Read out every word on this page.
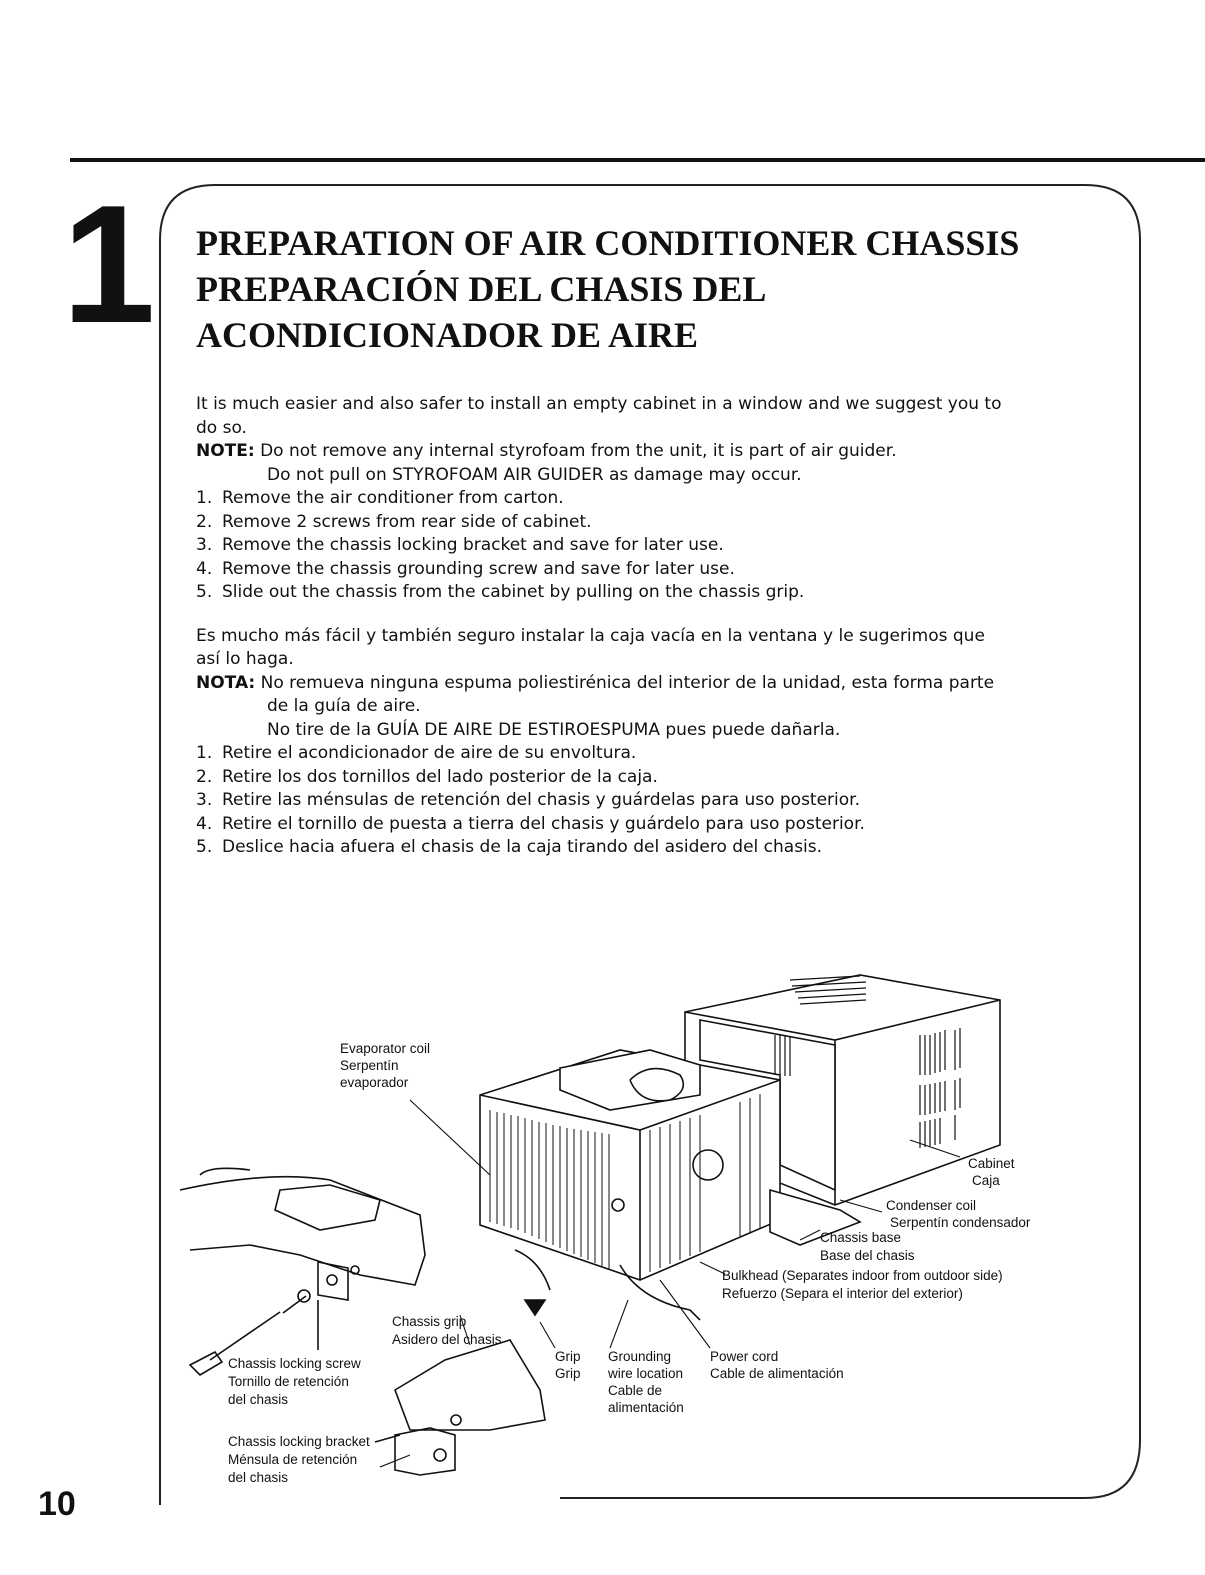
1 PREPARATION OF AIR CONDITIONER CHASSIS
PREPARACIÓN DEL CHASIS DEL
ACONDICIONADOR DE AIRE
It is much easier and also safer to install an empty cabinet in a window and we suggest you to
do so.
NOTE: Do not remove any internal styrofoam from the unit, it is part of air guider.
Do not pull on STYROFOAM AIR GUIDER as damage may occur.
1. Remove the air conditioner from carton.
2. Remove 2 screws from rear side of cabinet.
3. Remove the chassis locking bracket and save for later use.
4. Remove the chassis grounding screw and save for later use.
5. Slide out the chassis from the cabinet by pulling on the chassis grip.
Es mucho más fácil y también seguro instalar la caja vacía en la ventana y le sugerimos que
así lo haga.
NOTA: No remueva ninguna espuma poliestirénica del interior de la unidad, esta forma parte
de la guía de aire.
No tire de la GUÍA DE AIRE DE ESTIROESPUMA pues puede dañarla.
1. Retire el acondicionador de aire de su envoltura.
2. Retire los dos tornillos del lado posterior de la caja.
3. Retire las ménsulas de retención del chasis y guárdelas para uso posterior.
4. Retire el tornillo de puesta a tierra del chasis y guárdelo para uso posterior.
5. Deslice hacia afuera el chasis de la caja tirando del asidero del chasis.
Evaporator coil
Serpentín
evaporador
Cabinet
Caja
Condenser coil
Serpentín condensador
Chassis base
Base del chasis
Bulkhead (Separates indoor from outdoor side)
Refuerzo (Separa el interior del exterior)
Chassis grip
Asidero del chasis
Grip
Grip
Grounding
wire location
Cable de
alimentación
Power cord
Cable de alimentación
Chassis locking screw
Tornillo de retención
del chasis
Chassis locking bracket
Ménsula de retención
del chasis
10
